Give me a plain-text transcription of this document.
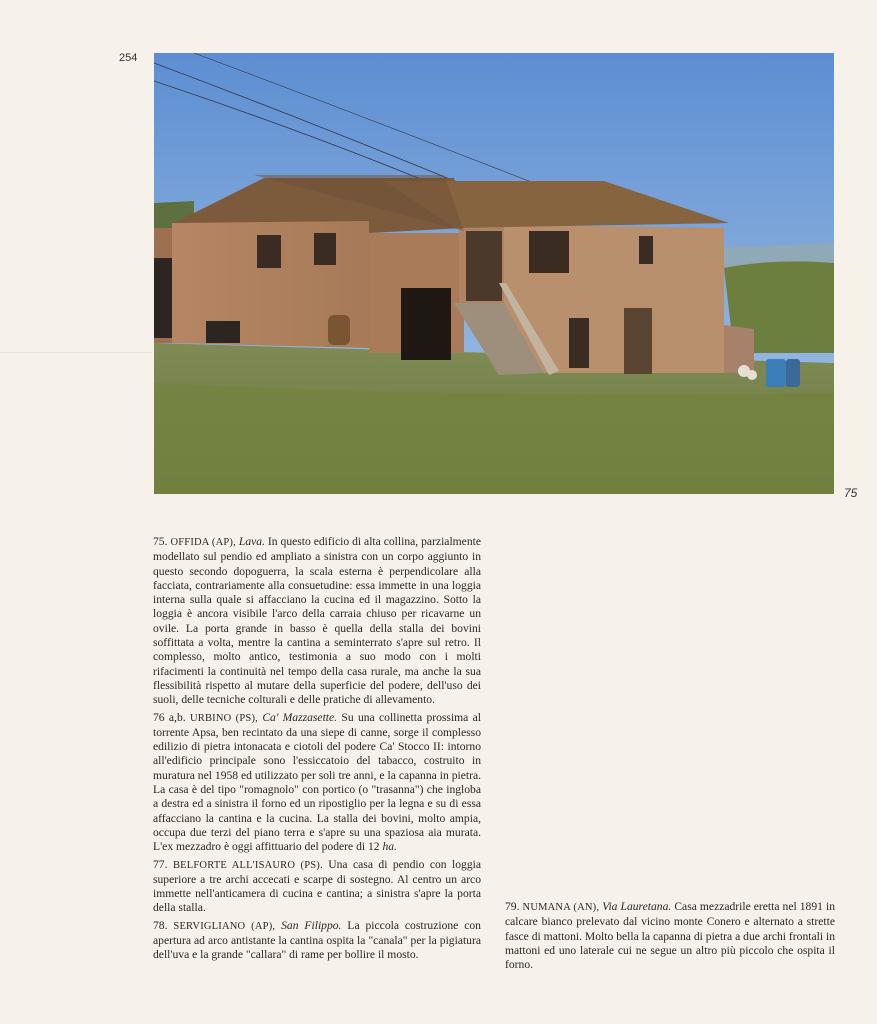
254
75

75. OFFIDA (AP), Lava. In questo edificio di alta collina, parzialmente modellato sul pendio ed ampliato a sinistra con un corpo aggiunto in questo secondo dopoguerra, la scala esterna è perpendicolare alla facciata, contrariamente alla consuetudine: essa immette in una loggia interna sulla quale si affacciano la cucina ed il magazzino. Sotto la loggia è ancora visibile l'arco della carraia chiuso per ricavarne un ovile. La porta grande in basso è quella della stalla dei bovini soffittata a volta, mentre la cantina a seminterrato s'apre sul retro. Il complesso, molto antico, testimonia a suo modo con i molti rifacimenti la continuità nel tempo della casa rurale, ma anche la sua flessibilità rispetto al mutare della superficie del podere, dell'uso dei suoli, delle tecniche colturali e delle pratiche di allevamento.

76 a,b. URBINO (PS), Ca' Mazzasette. Su una collinetta prossima al torrente Apsa, ben recintato da una siepe di canne, sorge il complesso edilizio di pietra intonacata e ciotoli del podere Ca' Stocco II: intorno all'edificio principale sono l'essiccatoio del tabacco, costruito in muratura nel 1958 ed utilizzato per soli tre anni, e la capanna in pietra. La casa è del tipo "romagnolo" con portico (o "trasanna") che ingloba a destra ed a sinistra il forno ed un ripostiglio per la legna e su di essa affacciano la cantina e la cucina. La stalla dei bovini, molto ampia, occupa due terzi del piano terra e s'apre su una spaziosa aia murata. L'ex mezzadro è oggi affittuario del podere di 12 ha.

77. BELFORTE ALL'ISAURO (PS). Una casa di pendio con loggia superiore a tre archi accecati e scarpe di sostegno. Al centro un arco immette nell'anticamera di cucina e cantina; a sinistra s'apre la porta della stalla.

78. SERVIGLIANO (AP), San Filippo. La piccola costruzione con apertura ad arco antistante la cantina ospita la "canala" per la pigiatura dell'uva e la grande "callara" di rame per bollire il mosto.

79. NUMANA (AN), Via Lauretana. Casa mezzadrile eretta nel 1891 in calcare bianco prelevato dal vicino monte Conero e alternato a strette fasce di mattoni. Molto bella la capanna di pietra a due archi frontali in mattoni ed uno laterale cui ne segue un altro più piccolo che ospita il forno.
